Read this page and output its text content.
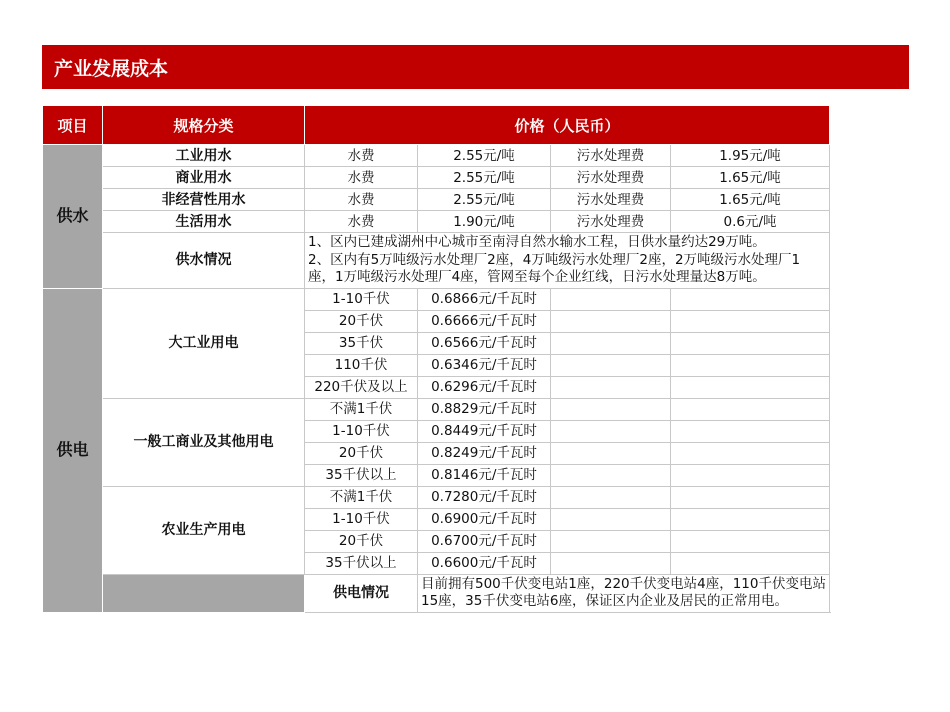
产业发展成本
项目	规格分类	价格（人民币）			
供水	工业用水	水费	2.55元/吨	污水处理费	1.95元/吨
	商业用水	水费	2.55元/吨	污水处理费	1.65元/吨
	非经营性用水	水费	2.55元/吨	污水处理费	1.65元/吨
	生活用水	水费	1.90元/吨	污水处理费	0.6元/吨
	供水情况	1、区内已建成湖州中心城市至南浔自然水输水工程，日供水量约达29万吨。
2、区内有5万吨级污水处理厂2座，4万吨级污水处理厂2座，2万吨级污水处理厂1座，1万吨级污水处理厂4座，管网至每个企业红线，日污水处理量达8万吨。			

供电	大工业用电	1-10千伏	0.6866元/千瓦时		
		20千伏	0.6666元/千瓦时		
		35千伏	0.6566元/千瓦时		
		110千伏	0.6346元/千瓦时		
		220千伏及以上	0.6296元/千瓦时		
	一般工商业及其他用电	不满1千伏	0.8829元/千瓦时		
		1-10千伏	0.8449元/千瓦时		
		20千伏	0.8249元/千瓦时		
		35千伏以上	0.8146元/千瓦时		
	农业生产用电	不满1千伏	0.7280元/千瓦时		
		1-10千伏	0.6900元/千瓦时		
		20千伏	0.6700元/千瓦时		
		35千伏以上	0.6600元/千瓦时		
		供电情况	目前拥有500千伏变电站1座，220千伏变电站4座，110千伏变电站15座，35千伏变电站6座，保证区内企业及居民的正常用电。		
